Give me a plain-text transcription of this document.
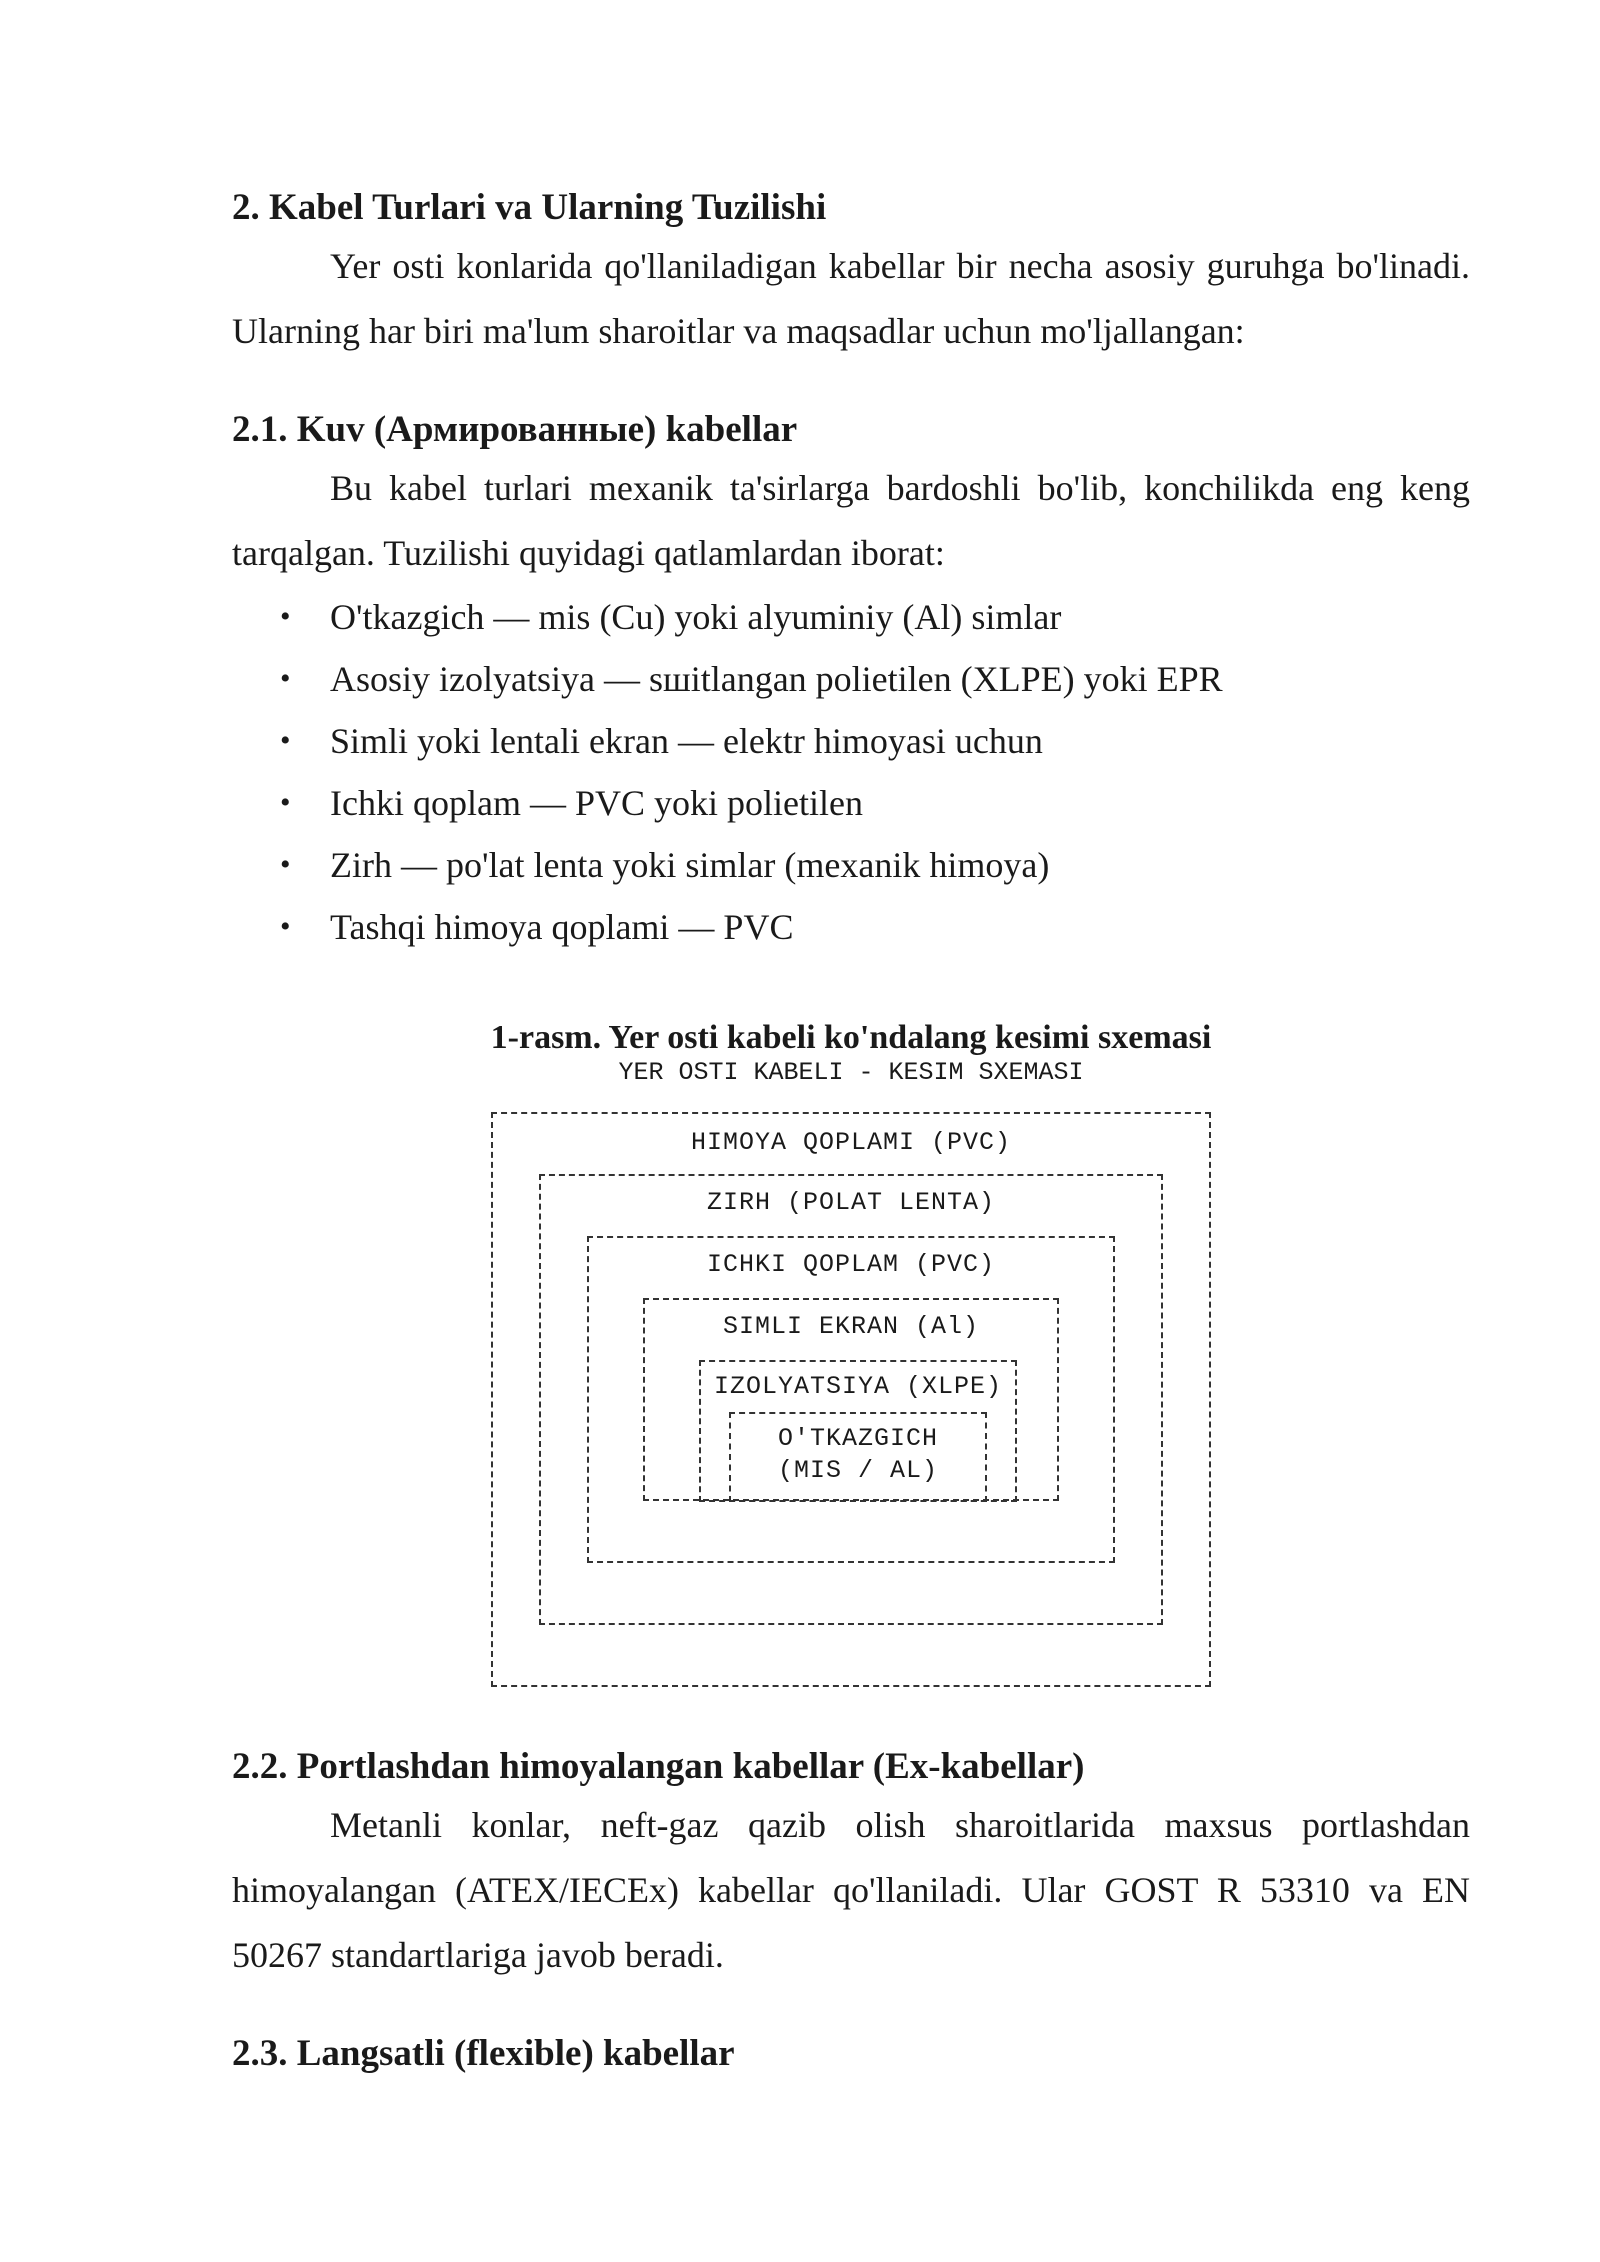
2. Kabel Turlari va Ularning Tuzilishi

Yer osti konlarida qo'llaniladigan kabellar bir necha asosiy guruhga bo'linadi. Ularning har biri ma'lum sharoitlar va maqsadlar uchun mo'ljallangan:

2.1. Kuv (Армированные) kabellar

Bu kabel turlari mexanik ta'sirlarga bardoshli bo'lib, konchilikda eng keng tarqalgan. Tuzilishi quyidagi qatlamlardan iborat:

• O'tkazgich — mis (Cu) yoki alyuminiy (Al) simlar
• Asosiy izolyatsiya — sшitlangan polietilen (XLPE) yoki EPR
• Simli yoki lentali ekran — elektr himoyasi uchun
• Ichki qoplam — PVC yoki polietilen
• Zirh — po'lat lenta yoki simlar (mexanik himoya)
• Tashqi himoya qoplami — PVC

1-rasm. Yer osti kabeli ko'ndalang kesimi sxemasi

YER OSTI KABELI - KESIM SXEMASI

HIMOYA QOPLAMI (PVC)
ZIRH (POLAT LENTA)
ICHKI QOPLAM (PVC)
SIMLI EKRAN (Al)
IZOLYATSIYA (XLPE)
O'TKAZGICH
(MIS / AL)

2.2. Portlashdan himoyalangan kabellar (Ex-kabellar)

Metanli konlar, neft-gaz qazib olish sharoitlarida maxsus portlashdan himoyalangan (ATEX/IECEx) kabellar qo'llaniladi. Ular GOST R 53310 va EN 50267 standartlariga javob beradi.

2.3. Langsatli (flexible) kabellar
